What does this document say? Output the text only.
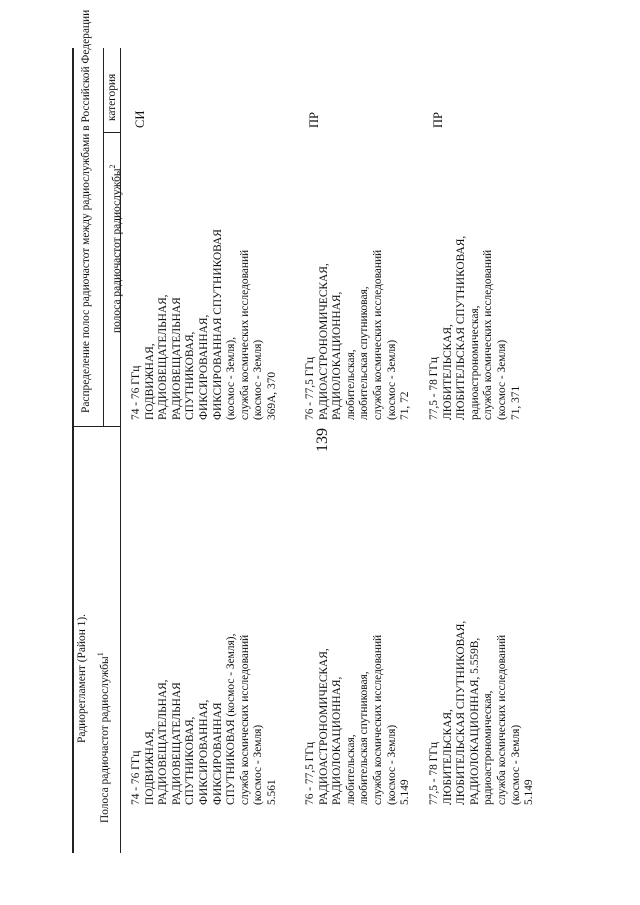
139
Радиорегламент (Район 1). Полоса радиочастот радиослужбы$^1$
Распределение полос радиочастот между радиослужбами в Российской Федерации	полоса радиочастот радиослужбы$^2$
категория
74 - 76 ГГц
ПОДВИЖНАЯ,
РАДИОВЕЩАТЕЛЬНАЯ,
РАДИОВЕЩАТЕЛЬНАЯ
СПУТНИКОВАЯ,
ФИКСИРОВАННАЯ,
ФИКСИРОВАННАЯ
СПУТНИКОВАЯ (космос - Земля),
служба космических исследований
(космос - Земля)
5.561
74 - 76 ГГц
ПОДВИЖНАЯ,
РАДИОВЕЩАТЕЛЬНАЯ,
РАДИОВЕЩАТЕЛЬНАЯ
СПУТНИКОВАЯ,
ФИКСИРОВАННАЯ,
ФИКСИРОВАННАЯ СПУТНИКОВАЯ
(космос - Земля),
служба космических исследований
(космос - Земля)
369А, 370
СИ
76 - 77,5 ГГц
РАДИОАСТРОНОМИЧЕСКАЯ,
РАДИОЛОКАЦИОННАЯ,
любительская,
любительская спутниковая,
служба космических исследований
(космос - Земля)
5.149
76 - 77,5 ГГц
РАДИОАСТРОНОМИЧЕСКАЯ,
РАДИОЛОКАЦИОННАЯ,
любительская,
любительская спутниковая,
служба космических исследований
(космос - Земля)
71, 72
ПР
77,5 - 78 ГГц
ЛЮБИТЕЛЬСКАЯ,
ЛЮБИТЕЛЬСКАЯ СПУТНИКОВАЯ,
РАДИОЛОКАЦИОННАЯ, 5.559В,
радиоастрономическая,
служба космических исследований
(космос - Земля)
5.149
77,5 - 78 ГГц
ЛЮБИТЕЛЬСКАЯ,
ЛЮБИТЕЛЬСКАЯ СПУТНИКОВАЯ,
радиоастрономическая,
служба космических исследований
(космос - Земля)
71, 371
ПР
